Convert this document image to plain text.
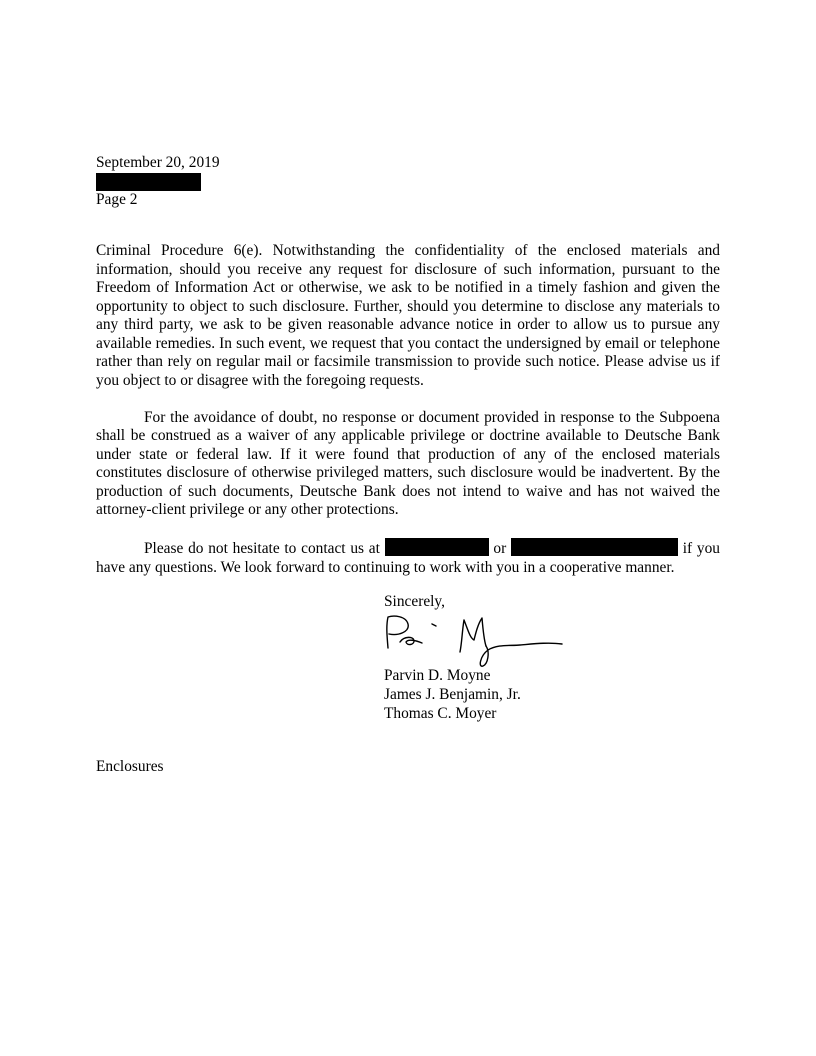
September 20, 2019
Page 2

Criminal Procedure 6(e). Notwithstanding the confidentiality of the enclosed materials and information, should you receive any request for disclosure of such information, pursuant to the Freedom of Information Act or otherwise, we ask to be notified in a timely fashion and given the opportunity to object to such disclosure. Further, should you determine to disclose any materials to any third party, we ask to be given reasonable advance notice in order to allow us to pursue any available remedies. In such event, we request that you contact the undersigned by email or telephone rather than rely on regular mail or facsimile transmission to provide such notice. Please advise us if you object to or disagree with the foregoing requests.

For the avoidance of doubt, no response or document provided in response to the Subpoena shall be construed as a waiver of any applicable privilege or doctrine available to Deutsche Bank under state or federal law. If it were found that production of any of the enclosed materials constitutes disclosure of otherwise privileged matters, such disclosure would be inadvertent. By the production of such documents, Deutsche Bank does not intend to waive and has not waived the attorney-client privilege or any other protections.

Please do not hesitate to contact us at	or	if you have any questions. We look forward to continuing to work with you in a cooperative manner.

Sincerely,
Parvin D. Moyne
James J. Benjamin, Jr.
Thomas C. Moyer
Enclosures
